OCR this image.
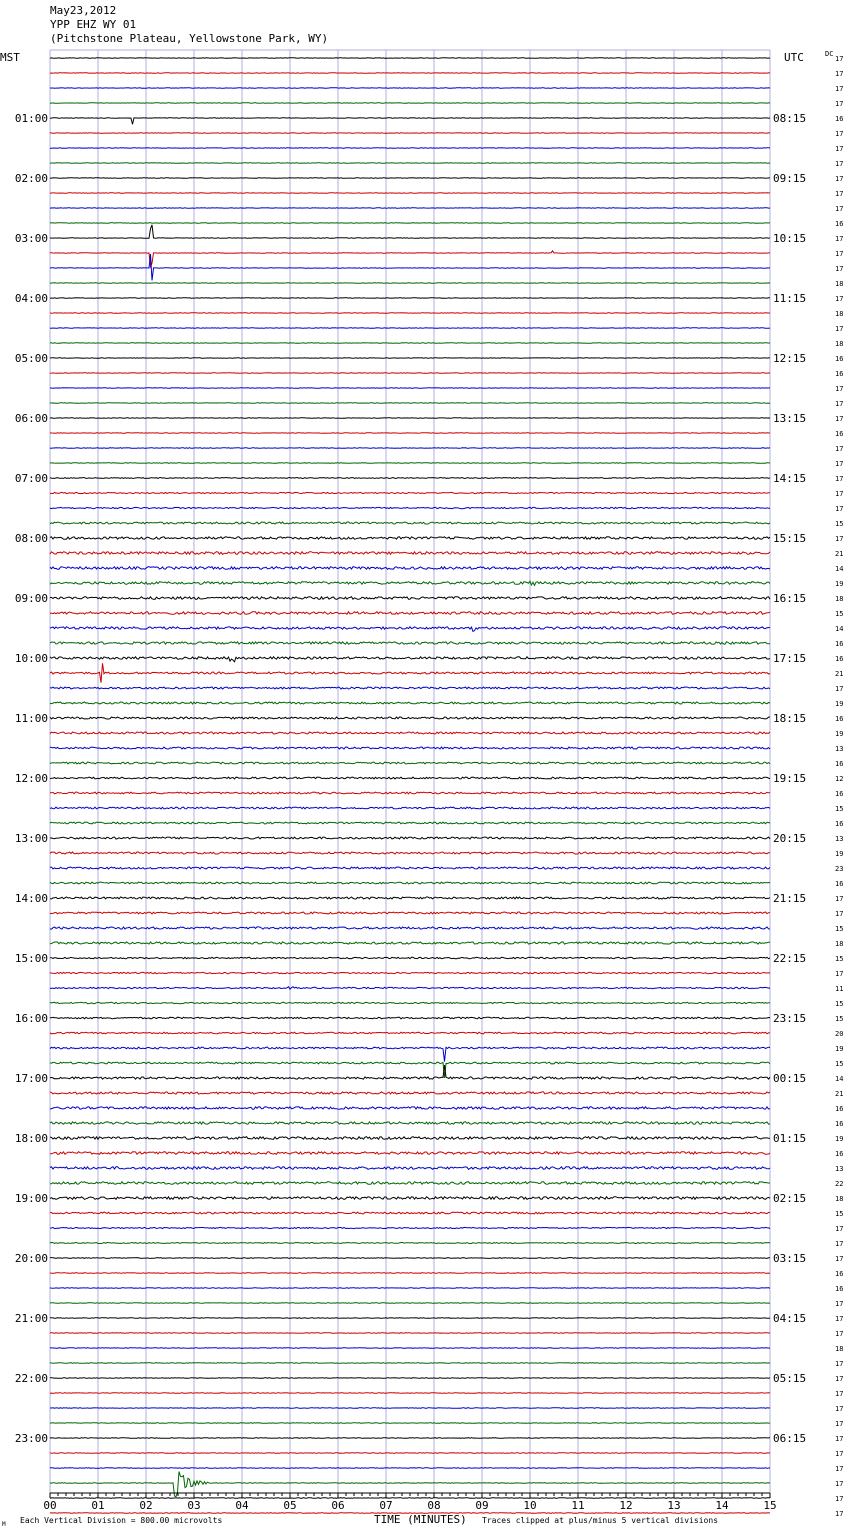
May23,2012
YPP EHZ WY 01
(Pitchstone Plateau, Yellowstone Park, WY)
00	01	02	03	04	05	06	07	08	09	10	11	12	13	14	15
01:00
02:00
03:00
04:00
05:00
06:00
07:00
08:00
09:00
10:00
11:00
12:00
13:00
14:00
15:00
16:00
17:00
18:00
19:00
20:00
21:00
22:00
23:00
08:15
09:15
10:15
11:15
12:15
13:15
14:15
15:15
16:15
17:15
18:15
19:15
20:15
21:15
22:15
23:15
00:15
01:15
02:15
03:15
04:15
05:15
06:15
17
17
17
17
16
17
17
17
17
17
17
16
17
17
17
18
17
18
17
18
16
16
17
17
17
16
17
17
17
17
17
15
17
21
14
19
18
15
14
16
16
21
17
19
16
19
13
16
12
16
15
16
13
19
23
16
17
17
15
18
15
17
11
15
15
20
19
15
14
21
16
16
19
16
13
22
18
15
17
17
17
16
16
17
17
17
18
17
17
17
17
17
17
17
17
17
17
17
MST	UTC	DC
TIME (MINUTES)
Each Vertical Division = 800.00 microvolts	Traces clipped at plus/minus 5 vertical divisions
M
